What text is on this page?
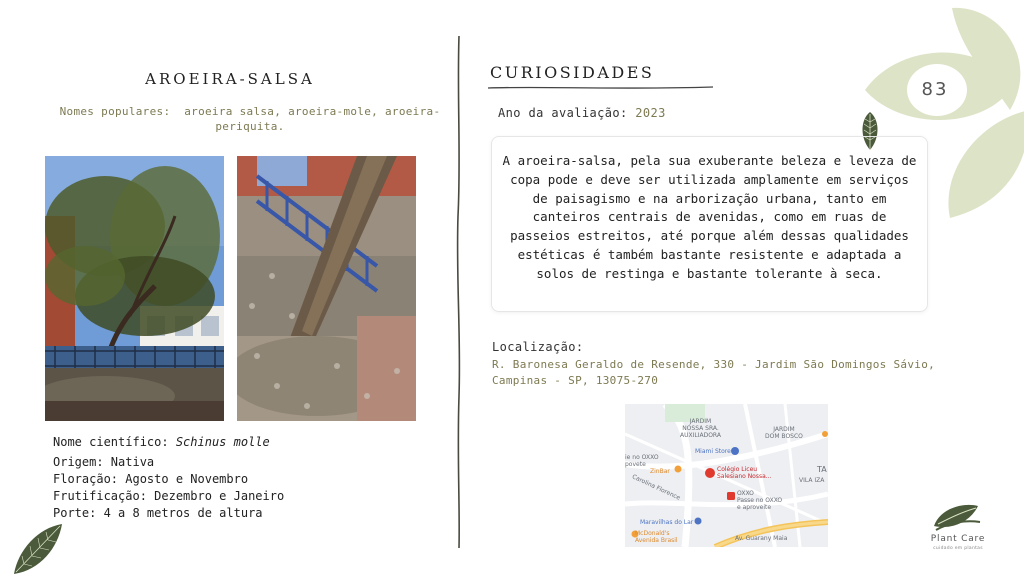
83
AROEIRA-SALSA
Nomes populares: aroeira salsa, aroeira-mole, aroeira-periquita.
Nome científico: Schinus molle
Origem: Nativa
Floração: Agosto e Novembro
Frutificação: Dezembro e Janeiro
Porte: 4 a 8 metros de altura
CURIOSIDADES
Ano da avaliação: 2023
A aroeira-salsa, pela sua exuberante beleza e leveza de copa pode e deve ser utilizada amplamente em serviços de paisagismo e na arborização urbana, tanto em canteiros centrais de avenidas, como em ruas de passeios estreitos, até porque além dessas qualidades estéticas é também bastante resistente e adaptada a solos de restinga e bastante tolerante à seca.
Localização:
R. Baronesa Geraldo de Resende, 330 - Jardim São Domingos Sávio, Campinas - SP, 13075-270
JARDIM
NOSSA SRA.
AUXILIADORA
JARDIM
DOM BOSCO
ie no OXXO
povete
Miami Store
ZinBar	Colégio Liceu
Salesiano Nossa...
TA
VILA IZA
Carolina Florence	OXXO
Passe no OXXO
e aproveite
Maravilhas do Lar
McDonald's
Avenida Brasil	Av. Guarany Maia	Plant Care
cuidado em plantas
